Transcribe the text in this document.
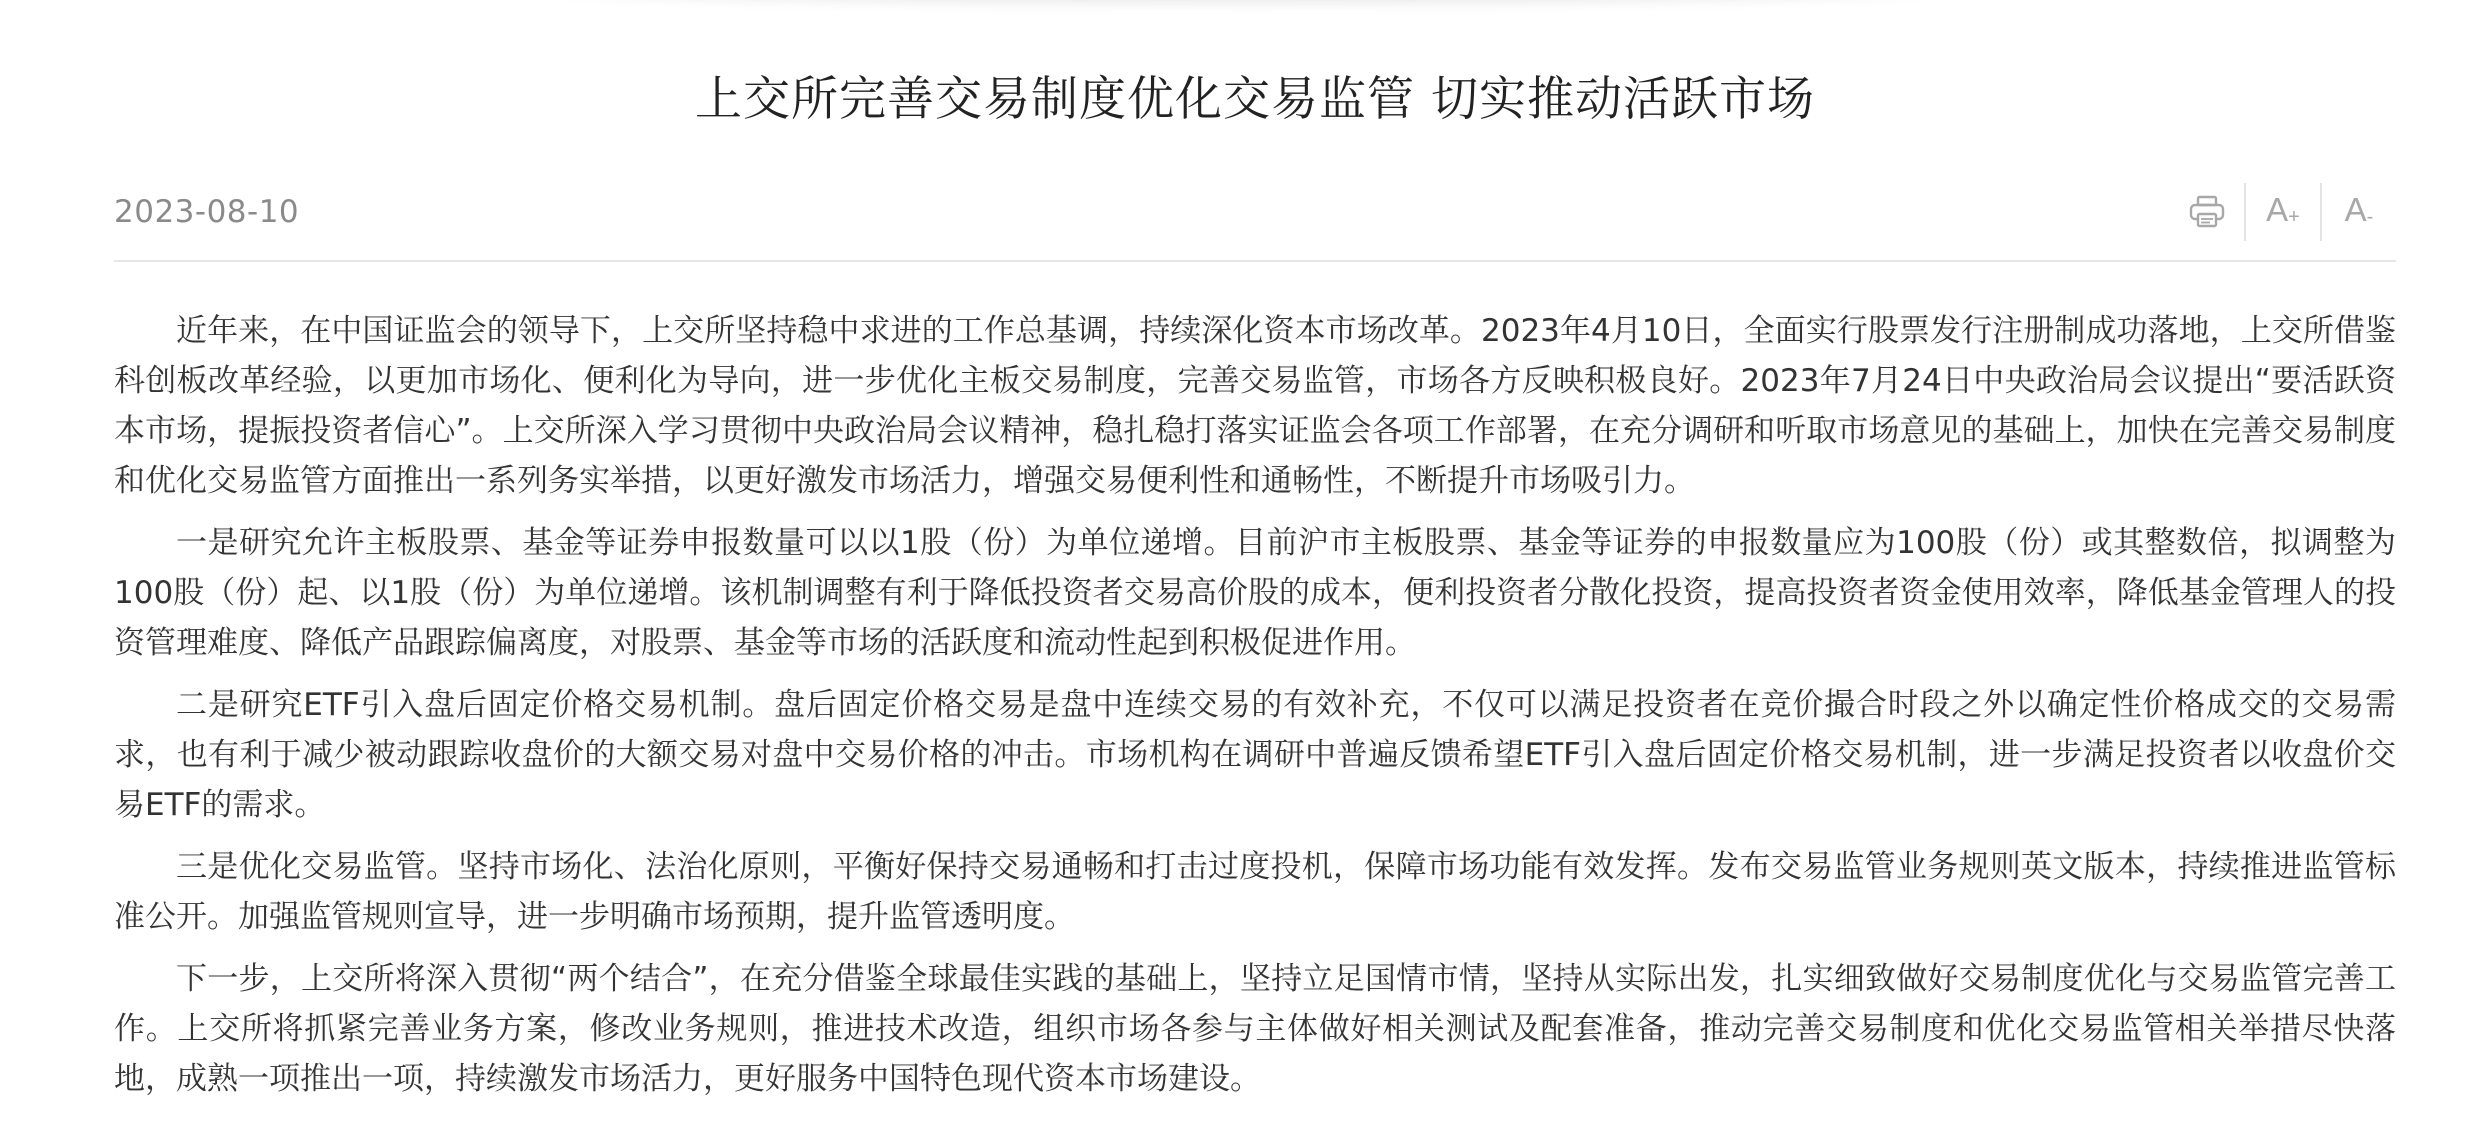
上交所完善交易制度优化交易监管 切实推动活跃市场
2023-08-10	A+ A-

近年来，在中国证监会的领导下，上交所坚持稳中求进的工作总基调，持续深化资本市场改革。2023年4月10日，全面实行股票发行注册制成功落地，上交所借鉴科创板改革经验，以更加市场化、便利化为导向，进一步优化主板交易制度，完善交易监管，市场各方反映积极良好。2023年7月24日中央政治局会议提出“要活跃资本市场，提振投资者信心”。上交所深入学习贯彻中央政治局会议精神，稳扎稳打落实证监会各项工作部署，在充分调研和听取市场意见的基础上，加快在完善交易制度和优化交易监管方面推出一系列务实举措，以更好激发市场活力，增强交易便利性和通畅性，不断提升市场吸引力。

一是研究允许主板股票、基金等证券申报数量可以以1股（份）为单位递增。目前沪市主板股票、基金等证券的申报数量应为100股（份）或其整数倍，拟调整为100股（份）起、以1股（份）为单位递增。该机制调整有利于降低投资者交易高价股的成本，便利投资者分散化投资，提高投资者资金使用效率，降低基金管理人的投资管理难度、降低产品跟踪偏离度，对股票、基金等市场的活跃度和流动性起到积极促进作用。

二是研究ETF引入盘后固定价格交易机制。盘后固定价格交易是盘中连续交易的有效补充，不仅可以满足投资者在竞价撮合时段之外以确定性价格成交的交易需求，也有利于减少被动跟踪收盘价的大额交易对盘中交易价格的冲击。市场机构在调研中普遍反馈希望ETF引入盘后固定价格交易机制，进一步满足投资者以收盘价交易ETF的需求。

三是优化交易监管。坚持市场化、法治化原则，平衡好保持交易通畅和打击过度投机，保障市场功能有效发挥。发布交易监管业务规则英文版本，持续推进监管标准公开。加强监管规则宣导，进一步明确市场预期，提升监管透明度。

下一步，上交所将深入贯彻“两个结合”，在充分借鉴全球最佳实践的基础上，坚持立足国情市情，坚持从实际出发，扎实细致做好交易制度优化与交易监管完善工作。上交所将抓紧完善业务方案，修改业务规则，推进技术改造，组织市场各参与主体做好相关测试及配套准备，推动完善交易制度和优化交易监管相关举措尽快落地，成熟一项推出一项，持续激发市场活力，更好服务中国特色现代资本市场建设。
